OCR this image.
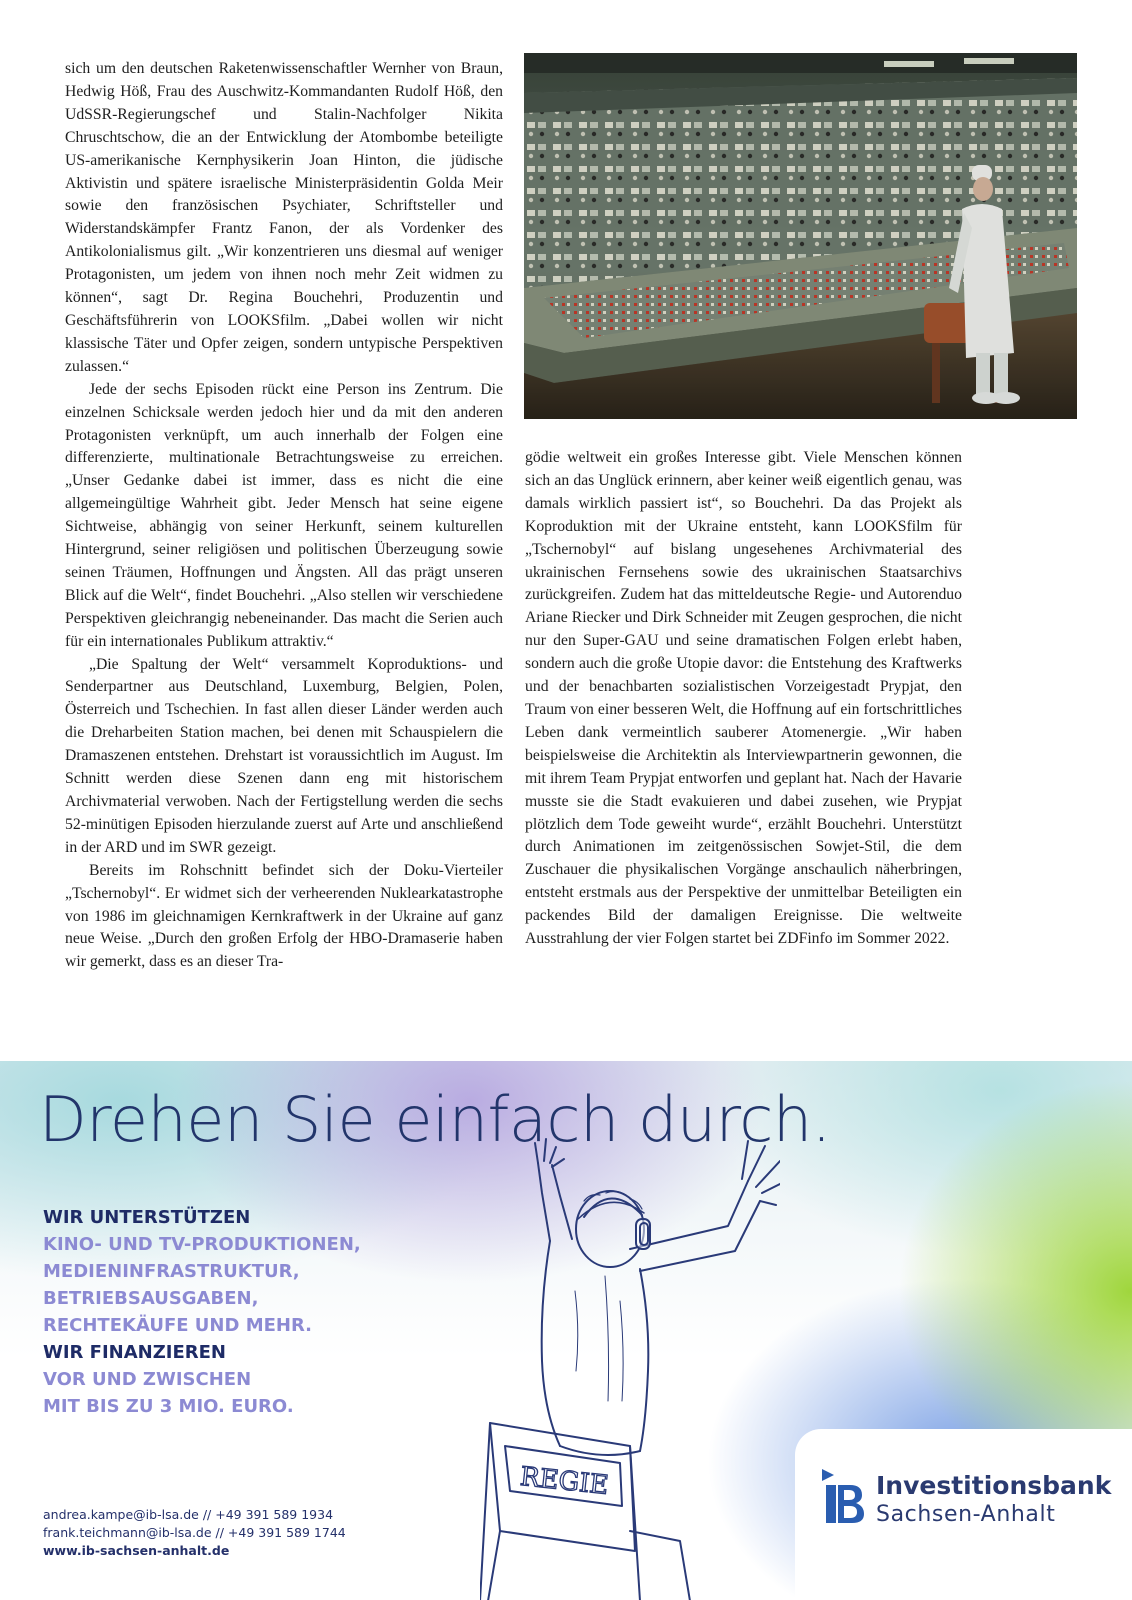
sich um den deutschen Raketenwissenschaftler Wernher von Braun, Hedwig Höß, Frau des Auschwitz-Kommandanten Rudolf Höß, den UdSSR-Regierungschef und Stalin-Nachfolger Nikita Chruschtschow, die an der Entwicklung der Atombombe beteiligte US-amerikanische Kernphysikerin Joan Hinton, die jüdische Aktivistin und spätere israelische Ministerpräsidentin Golda Meir sowie den französischen Psychiater, Schriftsteller und Widerstandskämpfer Frantz Fanon, der als Vordenker des Antikolonialismus gilt. „Wir konzentrieren uns diesmal auf weniger Protagonisten, um jedem von ihnen noch mehr Zeit widmen zu können“, sagt Dr. Regina Bouchehri, Produzentin und Geschäftsführerin von LOOKSfilm. „Dabei wollen wir nicht klassische Täter und Opfer zeigen, sondern untypische Perspektiven zulassen.“

Jede der sechs Episoden rückt eine Person ins Zentrum. Die einzelnen Schicksale werden jedoch hier und da mit den anderen Protagonisten verknüpft, um auch innerhalb der Folgen eine differenzierte, multinationale Betrachtungsweise zu erreichen. „Unser Gedanke dabei ist immer, dass es nicht die eine allgemeingültige Wahrheit gibt. Jeder Mensch hat seine eigene Sichtweise, abhängig von seiner Herkunft, seinem kulturellen Hintergrund, seiner religiösen und politischen Überzeugung sowie seinen Träumen, Hoffnungen und Ängsten. All das prägt unseren Blick auf die Welt“, findet Bouchehri. „Also stellen wir verschiedene Perspektiven gleichrangig nebeneinander. Das macht die Serien auch für ein internationales Publikum attraktiv.“

„Die Spaltung der Welt“ versammelt Koproduktions- und Senderpartner aus Deutschland, Luxemburg, Belgien, Polen, Österreich und Tschechien. In fast allen dieser Länder werden auch die Dreharbeiten Station machen, bei denen mit Schauspielern die Dramaszenen entstehen. Drehstart ist voraussichtlich im August. Im Schnitt werden diese Szenen dann eng mit historischem Archivmaterial verwoben. Nach der Fertigstellung werden die sechs 52-minütigen Episoden hierzulande zuerst auf Arte und anschließend in der ARD und im SWR gezeigt.

Bereits im Rohschnitt befindet sich der Doku-Vierteiler „Tschernobyl“. Er widmet sich der verheerenden Nuklearkatastrophe von 1986 im gleichnamigen Kernkraftwerk in der Ukraine auf ganz neue Weise. „Durch den großen Erfolg der HBO-Dramaserie haben wir gemerkt, dass es an dieser Tra-

gödie weltweit ein großes Interesse gibt. Viele Menschen können sich an das Unglück erinnern, aber keiner weiß eigentlich genau, was damals wirklich passiert ist“, so Bouchehri. Da das Projekt als Koproduktion mit der Ukraine entsteht, kann LOOKSfilm für „Tschernobyl“ auf bislang ungesehenes Archivmaterial des ukrainischen Fernsehens sowie des ukrainischen Staatsarchivs zurückgreifen. Zudem hat das mitteldeutsche Regie- und Autorenduo Ariane Riecker und Dirk Schneider mit Zeugen gesprochen, die nicht nur den Super-GAU und seine dramatischen Folgen erlebt haben, sondern auch die große Utopie davor: die Entstehung des Kraftwerks und der benachbarten sozialistischen Vorzeigestadt Prypjat, den Traum von einer besseren Welt, die Hoffnung auf ein fortschrittliches Leben dank vermeintlich sauberer Atomenergie. „Wir haben beispielsweise die Architektin als Interviewpartnerin gewonnen, die mit ihrem Team Prypjat entworfen und geplant hat. Nach der Havarie musste sie die Stadt evakuieren und dabei zusehen, wie Prypjat plötzlich dem Tode geweiht wurde“, erzählt Bouchehri. Unterstützt durch Animationen im zeitgenössischen Sowjet-Stil, die dem Zuschauer die physikalischen Vorgänge anschaulich näherbringen, entsteht erstmals aus der Perspektive der unmittelbar Beteiligten ein packendes Bild der damaligen Ereignisse. Die weltweite Ausstrahlung der vier Folgen startet bei ZDFinfo im Sommer 2022.

Drehen Sie einfach durch.
WIR UNTERSTÜTZEN
KINO- UND TV-PRODUKTIONEN,
MEDIENINFRASTRUKTUR,
BETRIEBSAUSGABEN,
RECHTEKÄUFE UND MEHR.
WIR FINANZIEREN
VOR UND ZWISCHEN
MIT BIS ZU 3 MIO. EURO.
REGIE
andrea.kampe@ib-lsa.de // +49 391 589 1934
frank.teichmann@ib-lsa.de // +49 391 589 1744
www.ib-sachsen-anhalt.de
Investitionsbank
Sachsen-Anhalt
